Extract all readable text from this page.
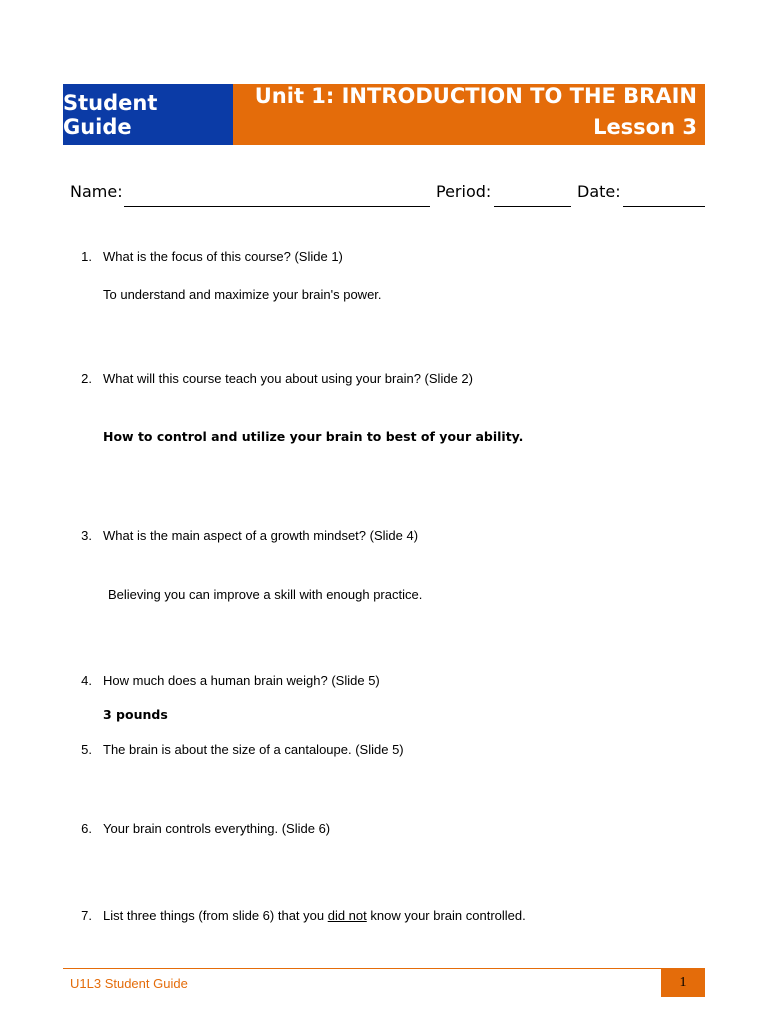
Student Guide
Unit 1: INTRODUCTION TO THE BRAIN
Lesson 3
Name:	Period:	Date:
1. What is the focus of this course? (Slide 1)
To understand and maximize your brain's power.
2. What will this course teach you about using your brain? (Slide 2)
How to control and utilize your brain to best of your ability.
3. What is the main aspect of a growth mindset? (Slide 4)
Believing you can improve a skill with enough practice.
4. How much does a human brain weigh? (Slide 5)
3 pounds
5. The brain is about the size of a cantaloupe. (Slide 5)
6. Your brain controls everything. (Slide 6)
7. List three things (from slide 6) that you did not know your brain controlled.
U1L3 Student Guide	1
